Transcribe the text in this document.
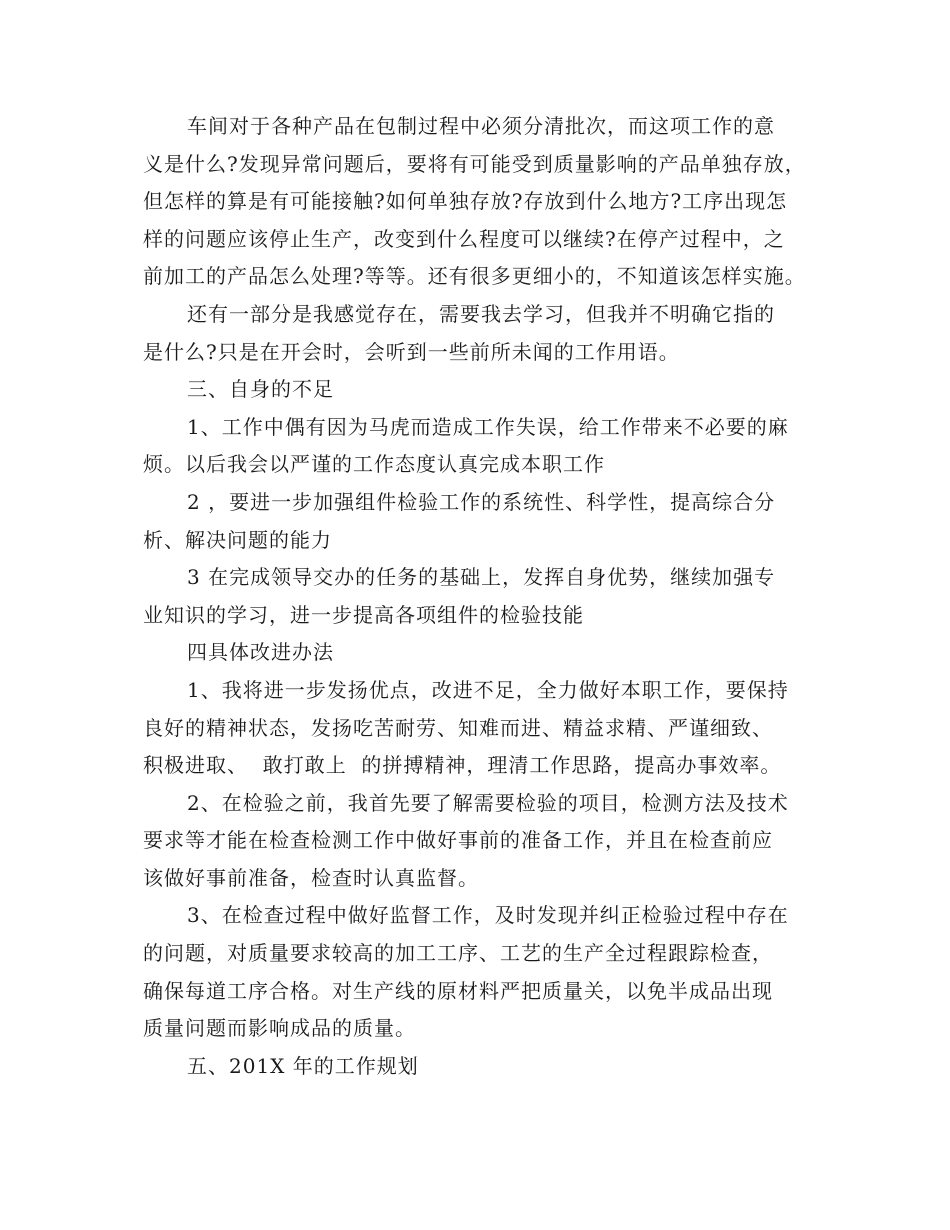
车间对于各种产品在包制过程中必须分清批次，而这项工作的意
义是什么?发现异常问题后，要将有可能受到质量影响的产品单独存放，
但怎样的算是有可能接触?如何单独存放?存放到什么地方?工序出现怎
样的问题应该停止生产，改变到什么程度可以继续?在停产过程中，之
前加工的产品怎么处理?等等。还有很多更细小的，不知道该怎样实施。
还有一部分是我感觉存在，需要我去学习，但我并不明确它指的
是什么?只是在开会时，会听到一些前所未闻的工作用语。
三、自身的不足
1、工作中偶有因为马虎而造成工作失误，给工作带来不必要的麻
烦。以后我会以严谨的工作态度认真完成本职工作
2 ，要进一步加强组件检验工作的系统性、科学性，提高综合分
析、解决问题的能力
3 在完成领导交办的任务的基础上，发挥自身优势，继续加强专
业知识的学习，进一步提高各项组件的检验技能
四具体改进办法
1、我将进一步发扬优点，改进不足，全力做好本职工作，要保持
良好的精神状态，发扬吃苦耐劳、知难而进、精益求精、严谨细致、
积极进取、  敢打敢上  的拼搏精神，理清工作思路，提高办事效率。
2、在检验之前，我首先要了解需要检验的项目，检测方法及技术
要求等才能在检查检测工作中做好事前的准备工作，并且在检查前应
该做好事前准备，检查时认真监督。
3、在检查过程中做好监督工作，及时发现并纠正检验过程中存在
的问题，对质量要求较高的加工工序、工艺的生产全过程跟踪检查，
确保每道工序合格。对生产线的原材料严把质量关，以免半成品出现
质量问题而影响成品的质量。
五、201X 年的工作规划
